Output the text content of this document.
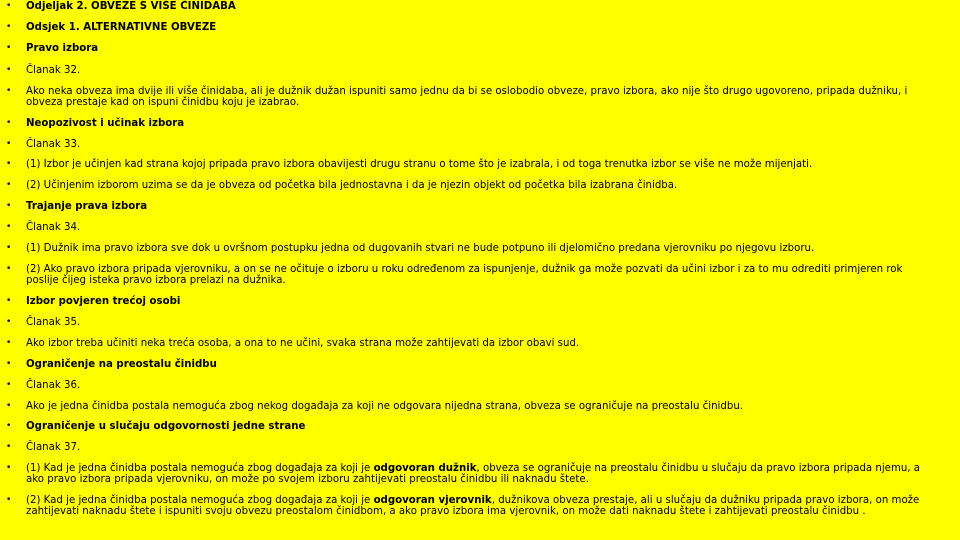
•	Odjeljak 2. OBVEZE S VIŠE ČINIDABA
•	Odsjek 1. ALTERNATIVNE OBVEZE
•	Pravo izbora
•	Članak 32.
•	Ako neka obveza ima dvije ili više činidaba, ali je dužnik dužan ispuniti samo jednu da bi se oslobodio obveze, pravo izbora, ako nije što drugo ugovoreno, pripada dužniku, i obveza prestaje kad on ispuni činidbu koju je izabrao.
•	Neopozivost i učinak izbora
•	Članak 33.
•	(1) Izbor je učinjen kad strana kojoj pripada pravo izbora obavijesti drugu stranu o tome što je izabrala, i od toga trenutka izbor se više ne može mijenjati.
•	(2) Učinjenim izborom uzima se da je obveza od početka bila jednostavna i da je njezin objekt od početka bila izabrana činidba.
•	Trajanje prava izbora
•	Članak 34.
•	(1) Dužnik ima pravo izbora sve dok u ovršnom postupku jedna od dugovanih stvari ne bude potpuno ili djelomično predana vjerovniku po njegovu izboru.
•	(2) Ako pravo izbora pripada vjerovniku, a on se ne očituje o izboru u roku određenom za ispunjenje, dužnik ga može pozvati da učini izbor i za to mu odrediti primjeren rok poslije čijeg isteka pravo izbora prelazi na dužnika.
•	Izbor povjeren trećoj osobi
•	Članak 35.
•	Ako izbor treba učiniti neka treća osoba, a ona to ne učini, svaka strana može zahtijevati da izbor obavi sud.
•	Ograničenje na preostalu činidbu
•	Članak 36.
•	Ako je jedna činidba postala nemoguća zbog nekog događaja za koji ne odgovara nijedna strana, obveza se ograničuje na preostalu činidbu.
•	Ograničenje u slučaju odgovornosti jedne strane
•	Članak 37.
•	(1) Kad je jedna činidba postala nemoguća zbog događaja za koji je odgovoran dužnik, obveza se ograničuje na preostalu činidbu u slučaju da pravo izbora pripada njemu, a ako pravo izbora pripada vjerovniku, on može po svojem izboru zahtijevati preostalu činidbu ili naknadu štete.
•	(2) Kad je jedna činidba postala nemoguća zbog događaja za koji je odgovoran vjerovnik, dužnikova obveza prestaje, ali u slučaju da dužniku pripada pravo izbora, on može zahtijevati naknadu štete i ispuniti svoju obvezu preostalom činidbom, a ako pravo izbora ima vjerovnik, on može dati naknadu štete i zahtijevati preostalu činidbu .
